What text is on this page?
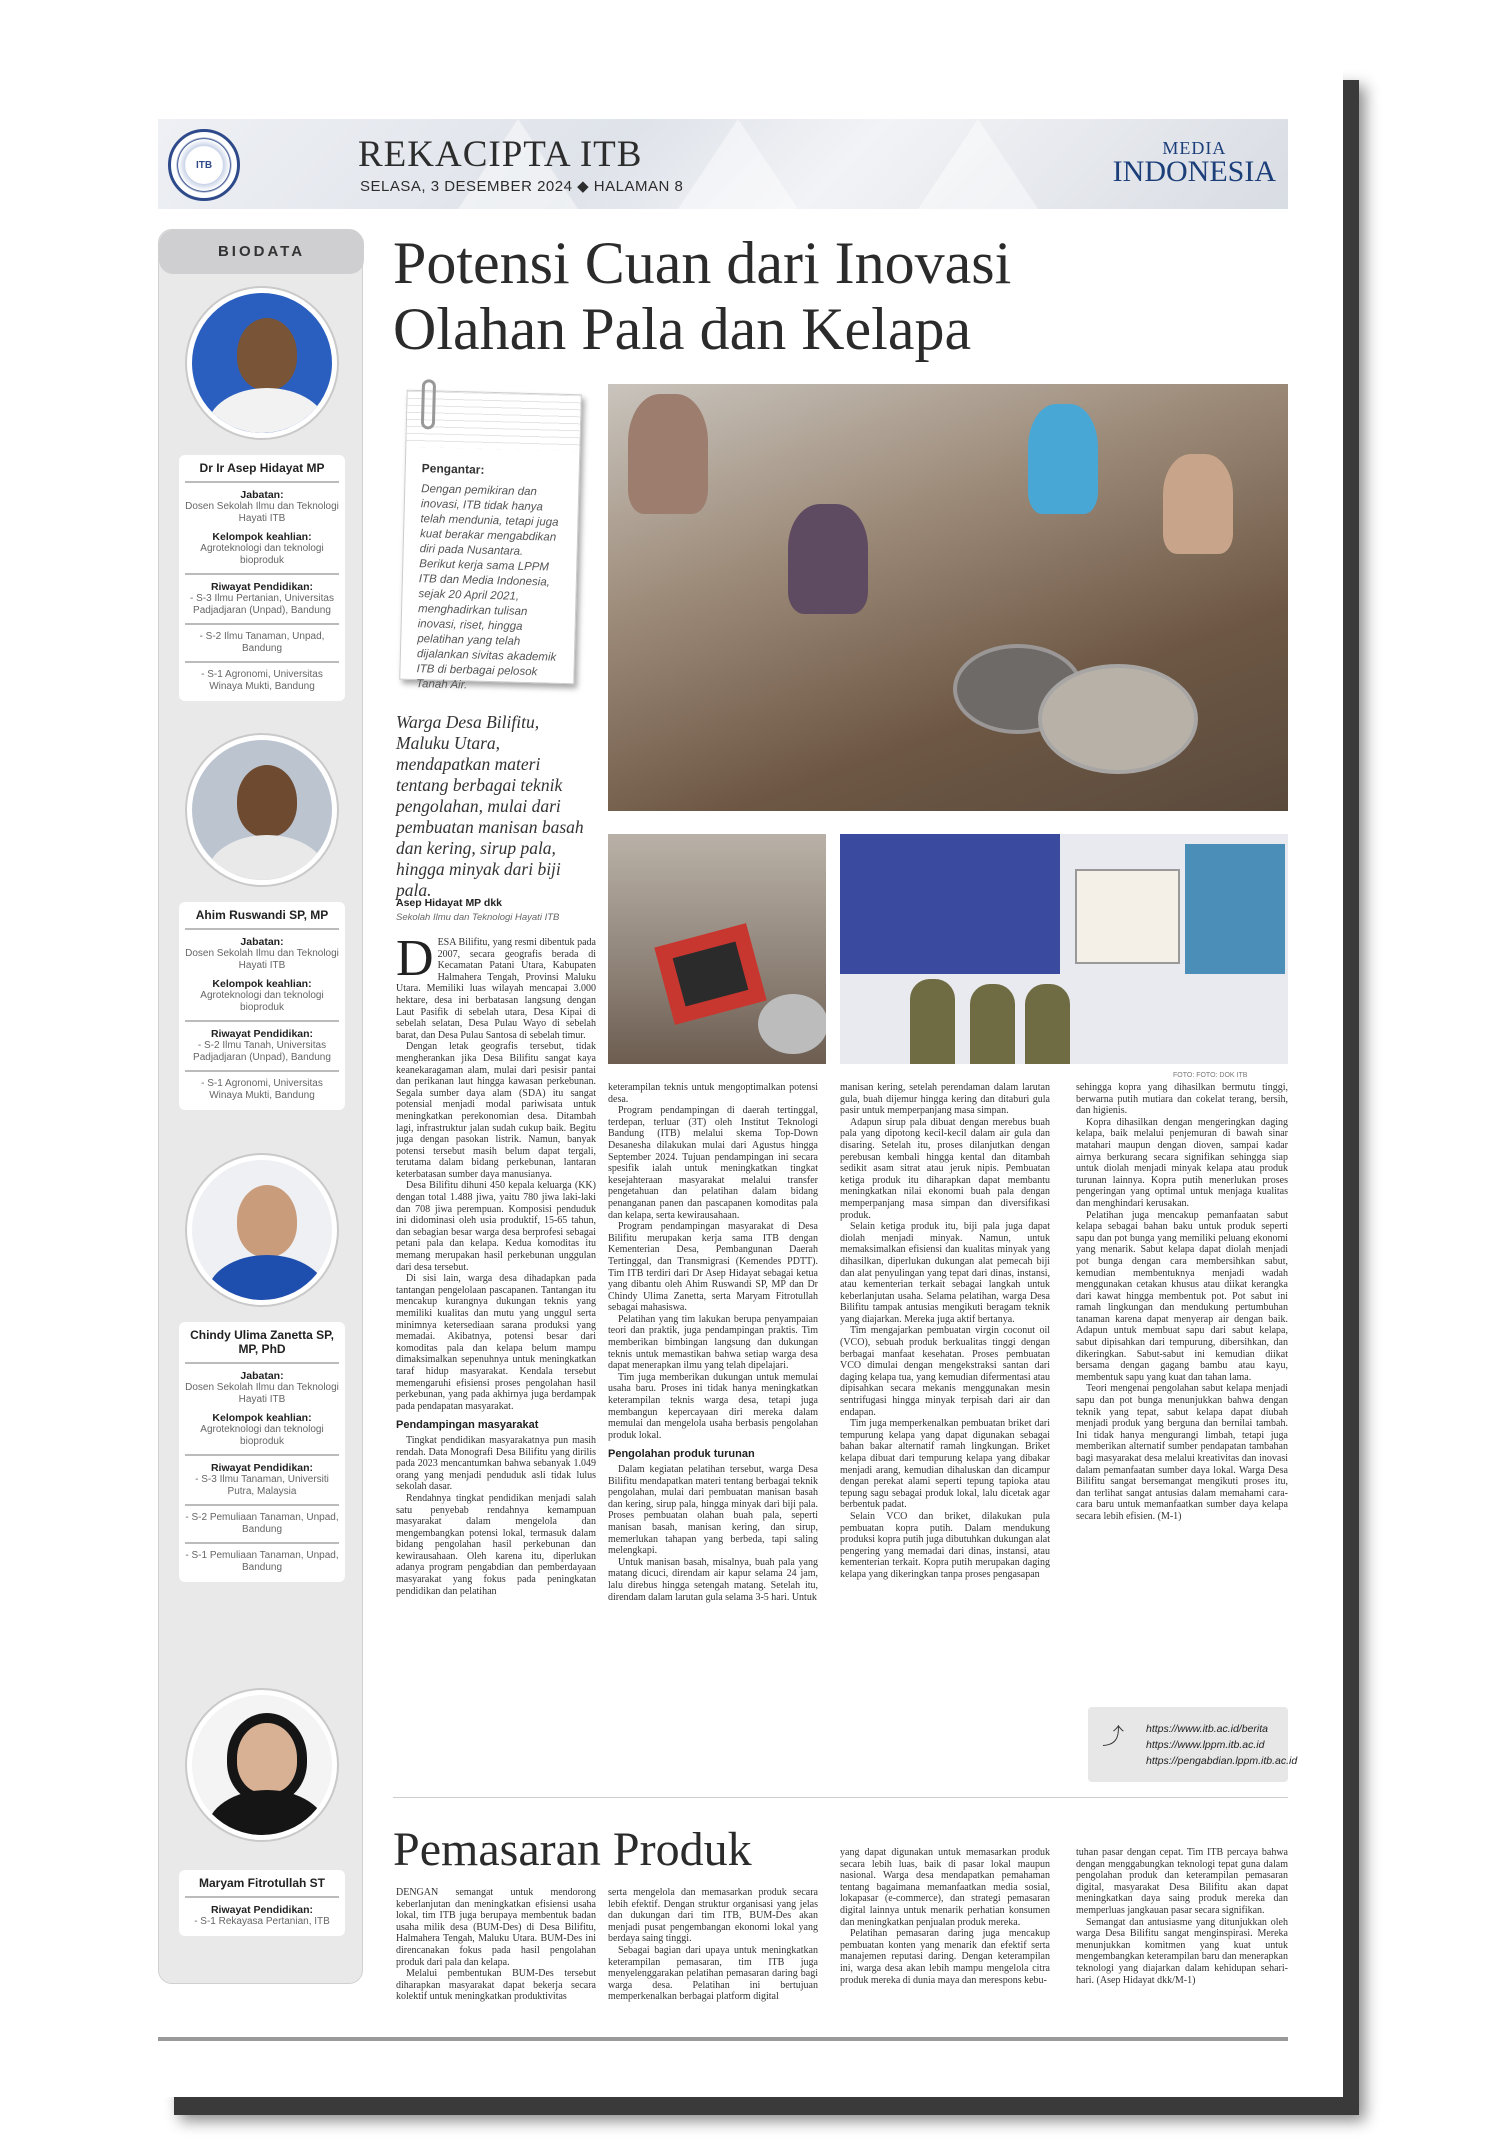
ITB	REKACIPTA ITB
SELASA, 3 DESEMBER 2024 ◆ HALAMAN 8
MEDIA
INDONESIA
BIODATA
Dr Ir Asep Hidayat MP
Jabatan:
Dosen Sekolah Ilmu dan Teknologi Hayati ITB
Kelompok keahlian:
Agroteknologi dan teknologi bioproduk
Riwayat Pendidikan:
- S-3 Ilmu Pertanian, Universitas Padjadjaran (Unpad), Bandung
- S-2 Ilmu Tanaman, Unpad, Bandung
- S-1 Agronomi, Universitas Winaya Mukti, Bandung
Ahim Ruswandi SP, MP
Jabatan:
Dosen Sekolah Ilmu dan Teknologi Hayati ITB
Kelompok keahlian:
Agroteknologi dan teknologi bioproduk
Riwayat Pendidikan:
- S-2 Ilmu Tanah, Universitas Padjadjaran (Unpad), Bandung
- S-1 Agronomi, Universitas Winaya Mukti, Bandung
Chindy Ulima Zanetta SP, MP, PhD
Jabatan:
Dosen Sekolah Ilmu dan Teknologi Hayati ITB
Kelompok keahlian:
Agroteknologi dan teknologi bioproduk
Riwayat Pendidikan:
- S-3 Ilmu Tanaman, Universiti Putra, Malaysia
- S-2 Pemuliaan Tanaman, Unpad, Bandung
- S-1 Pemuliaan Tanaman, Unpad, Bandung
Maryam Fitrotullah ST
Riwayat Pendidikan:
- S-1 Rekayasa Pertanian, ITB
Potensi Cuan dari Inovasi
Olahan Pala dan Kelapa
Pengantar:
Dengan pemikiran dan inovasi, ITB tidak hanya telah mendunia, tetapi juga kuat berakar mengabdikan diri pada Nusantara. Berikut kerja sama LPPM ITB dan Media Indonesia, sejak 20 April 2021, menghadirkan tulisan inovasi, riset, hingga pelatihan yang telah dijalankan sivitas akademik ITB di berbagai pelosok Tanah Air.
FOTO: FOTO: DOK ITB
Warga Desa Bilifitu, Maluku Utara, mendapatkan materi tentang berbagai teknik pengolahan, mulai dari pembuatan manisan basah dan kering, sirup pala, hingga minyak dari biji pala.
Asep Hidayat MP dkk
Sekolah Ilmu dan Teknologi Hayati ITB
D ESA Bilifitu, yang resmi dibentuk pada 2007, secara geografis berada di Kecamatan Patani Utara, Kabupaten Halmahera Tengah, Provinsi Maluku Utara. Memiliki luas wilayah mencapai 3.000 hektare, desa ini berbatasan langsung dengan Laut Pasifik di sebelah utara, Desa Kipai di sebelah selatan, Desa Pulau Wayo di sebelah barat, dan Desa Pulau Santosa di sebelah timur.

Dengan letak geografis tersebut, tidak mengherankan jika Desa Bilifitu sangat kaya keanekaragaman alam, mulai dari pesisir pantai dan perikanan laut hingga kawasan perkebunan. Segala sumber daya alam (SDA) itu sangat potensial menjadi modal pariwisata untuk meningkatkan perekonomian desa. Ditambah lagi, infrastruktur jalan sudah cukup baik. Begitu juga dengan pasokan listrik. Namun, banyak potensi tersebut masih belum dapat tergali, terutama dalam bidang perkebunan, lantaran keterbatasan sumber daya manusianya.

Desa Bilifitu dihuni 450 kepala keluarga (KK) dengan total 1.488 jiwa, yaitu 780 jiwa laki-laki dan 708 jiwa perempuan. Komposisi penduduk ini didominasi oleh usia produktif, 15-65 tahun, dan sebagian besar warga desa berprofesi sebagai petani pala dan kelapa. Kedua komoditas itu memang merupakan hasil perkebunan unggulan dari desa tersebut.

Di sisi lain, warga desa dihadapkan pada tantangan pengelolaan pascapanen. Tantangan itu mencakup kurangnya dukungan teknis yang memiliki kualitas dan mutu yang unggul serta minimnya ketersediaan sarana produksi yang memadai. Akibatnya, potensi besar dari komoditas pala dan kelapa belum mampu dimaksimalkan sepenuhnya untuk meningkatkan taraf hidup masyarakat. Kendala tersebut memengaruhi efisiensi proses pengolahan hasil perkebunan, yang pada akhirnya juga berdampak pada pendapatan masyarakat.

Pendampingan masyarakat

Tingkat pendidikan masyarakatnya pun masih rendah. Data Monografi Desa Bilifitu yang dirilis pada 2023 mencantumkan bahwa sebanyak 1.049 orang yang menjadi penduduk asli tidak lulus sekolah dasar.

Rendahnya tingkat pendidikan menjadi salah satu penyebab rendahnya kemampuan masyarakat dalam mengelola dan mengembangkan potensi lokal, termasuk dalam bidang pengolahan hasil perkebunan dan kewirausahaan. Oleh karena itu, diperlukan adanya program pengabdian dan pemberdayaan masyarakat yang fokus pada peningkatan pendidikan dan pelatihan

keterampilan teknis untuk mengoptimalkan potensi desa.

Program pendampingan di daerah tertinggal, terdepan, terluar (3T) oleh Institut Teknologi Bandung (ITB) melalui skema Top-Down Desanesha dilakukan mulai dari Agustus hingga September 2024. Tujuan pendampingan ini secara spesifik ialah untuk meningkatkan tingkat kesejahteraan masyarakat melalui transfer pengetahuan dan pelatihan dalam bidang penanganan panen dan pascapanen komoditas pala dan kelapa, serta kewirausahaan.

Program pendampingan masyarakat di Desa Bilifitu merupakan kerja sama ITB dengan Kementerian Desa, Pembangunan Daerah Tertinggal, dan Transmigrasi (Kemendes PDTT). Tim ITB terdiri dari Dr Asep Hidayat sebagai ketua yang dibantu oleh Ahim Ruswandi SP, MP dan Dr Chindy Ulima Zanetta, serta Maryam Fitrotullah sebagai mahasiswa.

Pelatihan yang tim lakukan berupa penyampaian teori dan praktik, juga pendampingan praktis. Tim memberikan bimbingan langsung dan dukungan teknis untuk memastikan bahwa setiap warga desa dapat menerapkan ilmu yang telah dipelajari.

Tim juga memberikan dukungan untuk memulai usaha baru. Proses ini tidak hanya meningkatkan keterampilan teknis warga desa, tetapi juga membangun kepercayaan diri mereka dalam memulai dan mengelola usaha berbasis pengolahan produk lokal.

Pengolahan produk turunan

Dalam kegiatan pelatihan tersebut, warga Desa Bilifitu mendapatkan materi tentang berbagai teknik pengolahan, mulai dari pembuatan manisan basah dan kering, sirup pala, hingga minyak dari biji pala. Proses pembuatan olahan buah pala, seperti manisan basah, manisan kering, dan sirup, memerlukan tahapan yang berbeda, tapi saling melengkapi.

Untuk manisan basah, misalnya, buah pala yang matang dicuci, direndam air kapur selama 24 jam, lalu direbus hingga setengah matang. Setelah itu, direndam dalam larutan gula selama 3-5 hari. Untuk

manisan kering, setelah perendaman dalam larutan gula, buah dijemur hingga kering dan ditaburi gula pasir untuk memperpanjang masa simpan.

Adapun sirup pala dibuat dengan merebus buah pala yang dipotong kecil-kecil dalam air gula dan disaring. Setelah itu, proses dilanjutkan dengan perebusan kembali hingga kental dan ditambah sedikit asam sitrat atau jeruk nipis. Pembuatan ketiga produk itu diharapkan dapat membantu meningkatkan nilai ekonomi buah pala dengan memperpanjang masa simpan dan diversifikasi produk.

Selain ketiga produk itu, biji pala juga dapat diolah menjadi minyak. Namun, untuk memaksimalkan efisiensi dan kualitas minyak yang dihasilkan, diperlukan dukungan alat pemecah biji dan alat penyulingan yang tepat dari dinas, instansi, atau kementerian terkait sebagai langkah untuk keberlanjutan usaha. Selama pelatihan, warga Desa Bilifitu tampak antusias mengikuti beragam teknik yang diajarkan. Mereka juga aktif bertanya.

Tim mengajarkan pembuatan virgin coconut oil (VCO), sebuah produk berkualitas tinggi dengan berbagai manfaat kesehatan. Proses pembuatan VCO dimulai dengan mengekstraksi santan dari daging kelapa tua, yang kemudian difermentasi atau dipisahkan secara mekanis menggunakan mesin sentrifugasi hingga minyak terpisah dari air dan endapan.

Tim juga memperkenalkan pembuatan briket dari tempurung kelapa yang dapat digunakan sebagai bahan bakar alternatif ramah lingkungan. Briket kelapa dibuat dari tempurung kelapa yang dibakar menjadi arang, kemudian dihaluskan dan dicampur dengan perekat alami seperti tepung tapioka atau tepung sagu sebagai produk lokal, lalu dicetak agar berbentuk padat.

Selain VCO dan briket, dilakukan pula pembuatan kopra putih. Dalam mendukung produksi kopra putih juga dibutuhkan dukungan alat pengering yang memadai dari dinas, instansi, atau kementerian terkait. Kopra putih merupakan daging kelapa yang dikeringkan tanpa proses pengasapan

sehingga kopra yang dihasilkan bermutu tinggi, berwarna putih mutiara dan cokelat terang, bersih, dan higienis.

Kopra dihasilkan dengan mengeringkan daging kelapa, baik melalui penjemuran di bawah sinar matahari maupun dengan dioven, sampai kadar airnya berkurang secara signifikan sehingga siap untuk diolah menjadi minyak kelapa atau produk turunan lainnya. Kopra putih menerlukan proses pengeringan yang optimal untuk menjaga kualitas dan menghindari kerusakan.

Pelatihan juga mencakup pemanfaatan sabut kelapa sebagai bahan baku untuk produk seperti sapu dan pot bunga yang memiliki peluang ekonomi yang menarik. Sabut kelapa dapat diolah menjadi pot bunga dengan cara membersihkan sabut, kemudian membentuknya menjadi wadah menggunakan cetakan khusus atau diikat kerangka dari kawat hingga membentuk pot. Pot sabut ini ramah lingkungan dan mendukung pertumbuhan tanaman karena dapat menyerap air dengan baik. Adapun untuk membuat sapu dari sabut kelapa, sabut dipisahkan dari tempurung, dibersihkan, dan dikeringkan. Sabut-sabut ini kemudian diikat bersama dengan gagang bambu atau kayu, membentuk sapu yang kuat dan tahan lama.

Teori mengenai pengolahan sabut kelapa menjadi sapu dan pot bunga menunjukkan bahwa dengan teknik yang tepat, sabut kelapa dapat diubah menjadi produk yang berguna dan bernilai tambah. Ini tidak hanya mengurangi limbah, tetapi juga memberikan alternatif sumber pendapatan tambahan bagi masyarakat desa melalui kreativitas dan inovasi dalam pemanfaatan sumber daya lokal. Warga Desa Bilifitu sangat bersemangat mengikuti proses itu, dan terlihat sangat antusias dalam memahami cara-cara baru untuk memanfaatkan sumber daya kelapa secara lebih efisien. (M-1)

⤴ https://www.itb.ac.id/berita
https://www.lppm.itb.ac.id
https://pengabdian.lppm.itb.ac.id
Pemasaran Produk

DENGAN semangat untuk mendorong keberlanjutan dan meningkatkan efisiensi usaha lokal, tim ITB juga berupaya membentuk badan usaha milik desa (BUM-Des) di Desa Bilifitu, Halmahera Tengah, Maluku Utara. BUM-Des ini direncanakan fokus pada hasil pengolahan produk dari pala dan kelapa.

Melalui pembentukan BUM-Des tersebut diharapkan masyarakat dapat bekerja secara kolektif untuk meningkatkan produktivitas

serta mengelola dan memasarkan produk secara lebih efektif. Dengan struktur organisasi yang jelas dan dukungan dari tim ITB, BUM-Des akan menjadi pusat pengembangan ekonomi lokal yang berdaya saing tinggi.

Sebagai bagian dari upaya untuk meningkatkan keterampilan pemasaran, tim ITB juga menyelenggarakan pelatihan pemasaran daring bagi warga desa. Pelatihan ini bertujuan memperkenalkan berbagai platform digital

yang dapat digunakan untuk memasarkan produk secara lebih luas, baik di pasar lokal maupun nasional. Warga desa mendapatkan pemahaman tentang bagaimana memanfaatkan media sosial, lokapasar (e-commerce), dan strategi pemasaran digital lainnya untuk menarik perhatian konsumen dan meningkatkan penjualan produk mereka.

Pelatihan pemasaran daring juga mencakup pembuatan konten yang menarik dan efektif serta manajemen reputasi daring. Dengan keterampilan ini, warga desa akan lebih mampu mengelola citra produk mereka di dunia maya dan merespons kebu-

tuhan pasar dengan cepat. Tim ITB percaya bahwa dengan menggabungkan teknologi tepat guna dalam pengolahan produk dan keterampilan pemasaran digital, masyarakat Desa Bilifitu akan dapat meningkatkan daya saing produk mereka dan memperluas jangkauan pasar secara signifikan.

Semangat dan antusiasme yang ditunjukkan oleh warga Desa Bilifitu sangat menginspirasi. Mereka menunjukkan komitmen yang kuat untuk mengembangkan keterampilan baru dan menerapkan teknologi yang diajarkan dalam kehidupan sehari-hari. (Asep Hidayat dkk/M-1)
